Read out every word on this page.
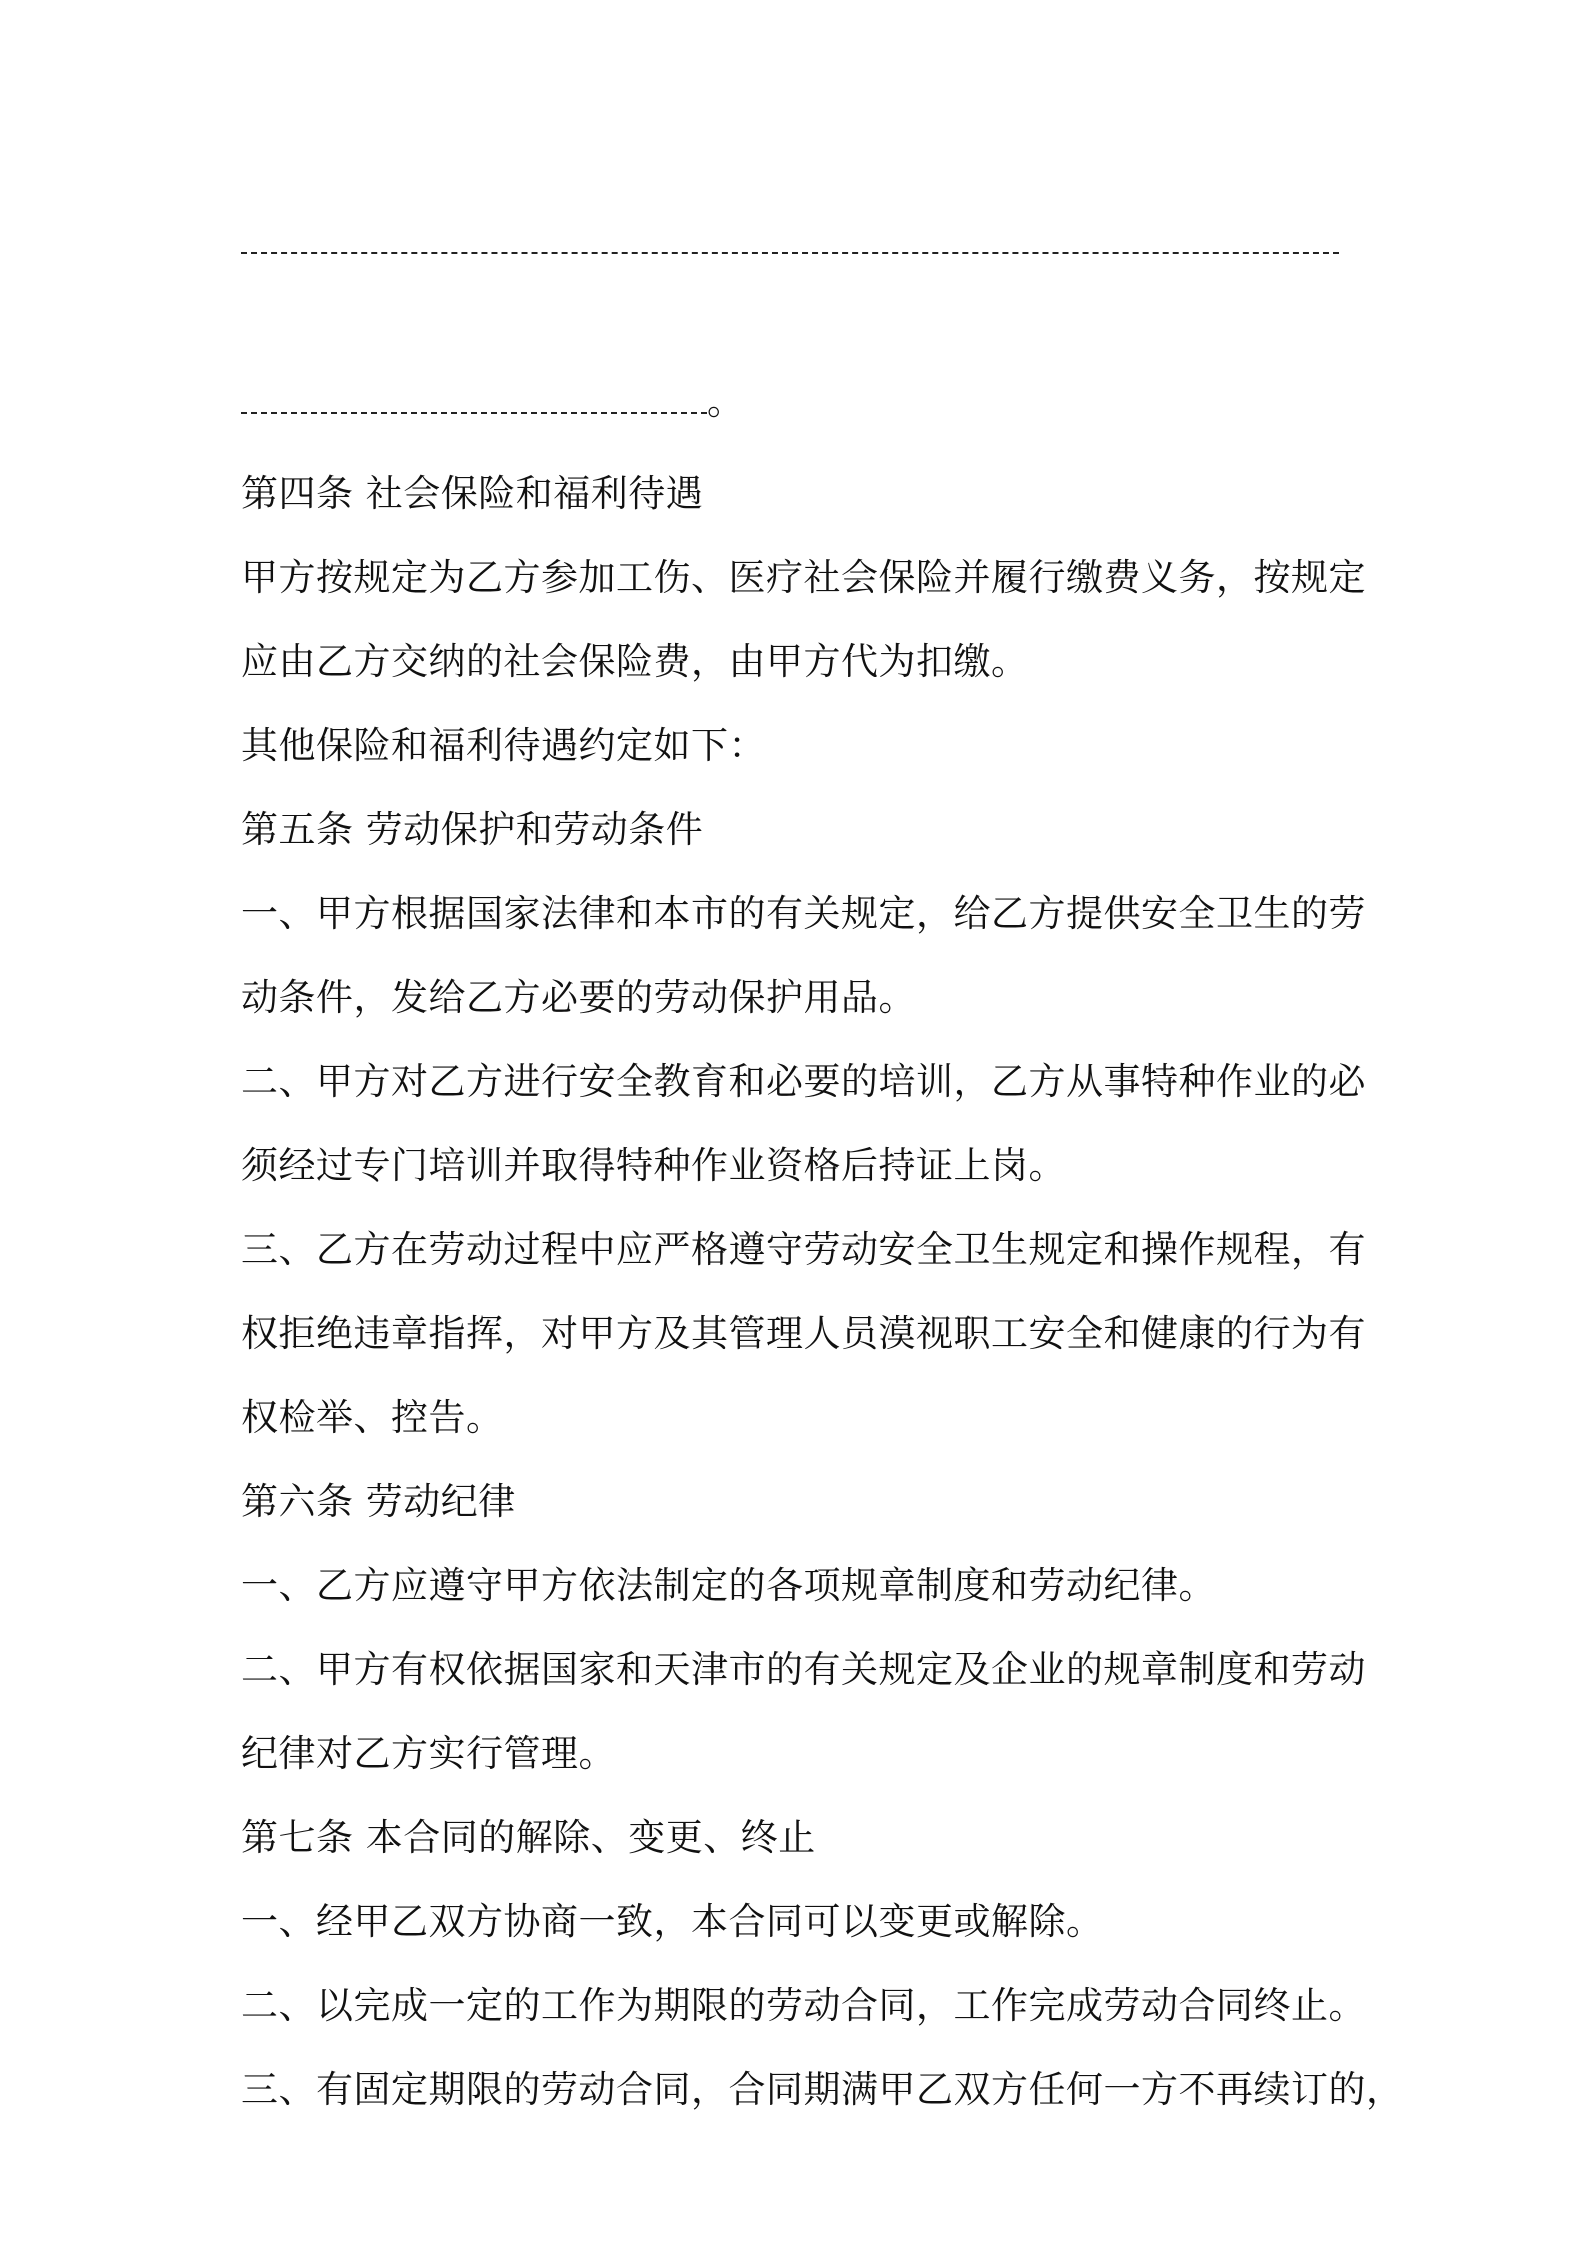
。
第四条 社会保险和福利待遇
甲方按规定为乙方参加工伤、医疗社会保险并履行缴费义务，按规定
应由乙方交纳的社会保险费，由甲方代为扣缴。
其他保险和福利待遇约定如下：
第五条 劳动保护和劳动条件
一、甲方根据国家法律和本市的有关规定，给乙方提供安全卫生的劳
动条件，发给乙方必要的劳动保护用品。
二、甲方对乙方进行安全教育和必要的培训，乙方从事特种作业的必
须经过专门培训并取得特种作业资格后持证上岗。
三、乙方在劳动过程中应严格遵守劳动安全卫生规定和操作规程，有
权拒绝违章指挥，对甲方及其管理人员漠视职工安全和健康的行为有
权检举、控告。
第六条 劳动纪律
一、乙方应遵守甲方依法制定的各项规章制度和劳动纪律。
二、甲方有权依据国家和天津市的有关规定及企业的规章制度和劳动
纪律对乙方实行管理。
第七条 本合同的解除、变更、终止
一、经甲乙双方协商一致，本合同可以变更或解除。
二、以完成一定的工作为期限的劳动合同，工作完成劳动合同终止。
三、有固定期限的劳动合同，合同期满甲乙双方任何一方不再续订的，
